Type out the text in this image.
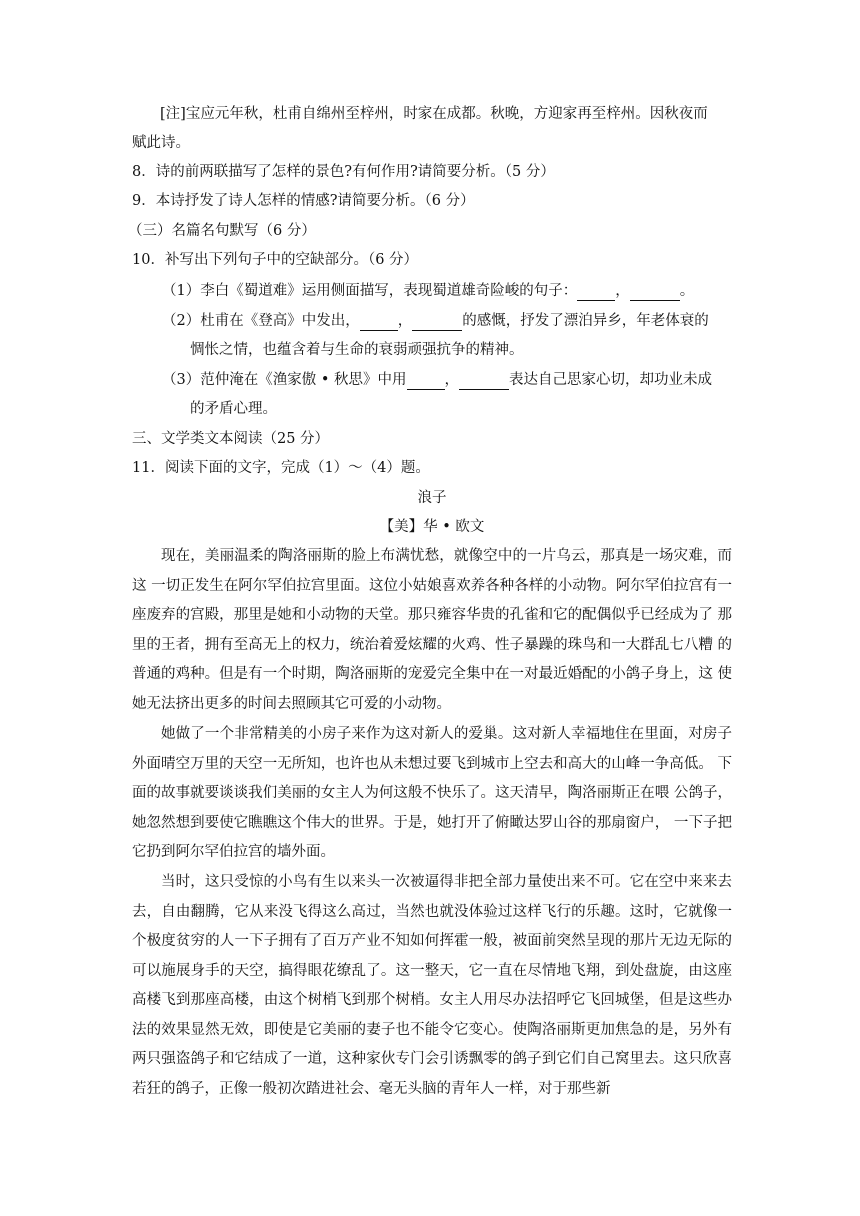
[注]宝应元年秋，杜甫自绵州至梓州，时家在成都。秋晚，方迎家再至梓州。因秋夜而
赋此诗。
8．诗的前两联描写了怎样的景色?有何作用?请简要分析。（5 分）
9．本诗抒发了诗人怎样的情感?请简要分析。（6 分）
（三）名篇名句默写（6 分）
10．补写出下列句子中的空缺部分。（6 分）
（1）李白《蜀道难》运用侧面描写，表现蜀道雄奇险峻的句子：	，	。
（2）杜甫在《登高》中发出，	，	的感慨，抒发了漂泊异乡，年老体衰的
惆怅之情，也蕴含着与生命的衰弱顽强抗争的精神。
（3）范仲淹在《渔家傲 • 秋思》中用	，	表达自己思家心切，却功业未成
的矛盾心理。
三、文学类文本阅读（25 分）
11．阅读下面的文字，完成（1）～（4）题。
浪子
【美】华 • 欧文

现在，美丽温柔的陶洛丽斯的脸上布满忧愁，就像空中的一片乌云，那真是一场灾难，而这 一切正发生在阿尔罕伯拉宫里面。这位小姑娘喜欢养各种各样的小动物。阿尔罕伯拉宫有一 座废弃的宫殿，那里是她和小动物的天堂。那只雍容华贵的孔雀和它的配偶似乎已经成为了 那里的王者，拥有至高无上的权力，统治着爱炫耀的火鸡、性子暴躁的珠鸟和一大群乱七八糟 的普通的鸡种。但是有一个时期，陶洛丽斯的宠爱完全集中在一对最近婚配的小鸽子身上，这 使她无法挤出更多的时间去照顾其它可爱的小动物。

她做了一个非常精美的小房子来作为这对新人的爱巢。这对新人幸福地住在里面，对房子外面晴空万里的天空一无所知，也许也从未想过要飞到城市上空去和高大的山峰一争高低。 下面的故事就要谈谈我们美丽的女主人为何这般不快乐了。这天清早，陶洛丽斯正在喂 公鸽子，她忽然想到要使它瞧瞧这个伟大的世界。于是，她打开了俯瞰达罗山谷的那扇窗户， 一下子把它扔到阿尔罕伯拉宫的墙外面。

当时，这只受惊的小鸟有生以来头一次被逼得非把全部力量使出来不可。它在空中来来去去，自由翻腾，它从来没飞得这么高过，当然也就没体验过这样飞行的乐趣。这时，它就像一 个极度贫穷的人一下子拥有了百万产业不知如何挥霍一般，被面前突然呈现的那片无边无际的可以施展身手的天空，搞得眼花缭乱了。这一整天，它一直在尽情地飞翔，到处盘旋，由这座高楼飞到那座高楼，由这个树梢飞到那个树梢。女主人用尽办法招呼它飞回城堡，但是这些办法的效果显然无效，即使是它美丽的妻子也不能令它变心。使陶洛丽斯更加焦急的是，另外有两只强盗鸽子和它结成了一道，这种家伙专门会引诱飘零的鸽子到它们自己窝里去。这只欣喜若狂的鸽子，正像一般初次踏进社会、毫无头脑的青年人一样，对于那些新
